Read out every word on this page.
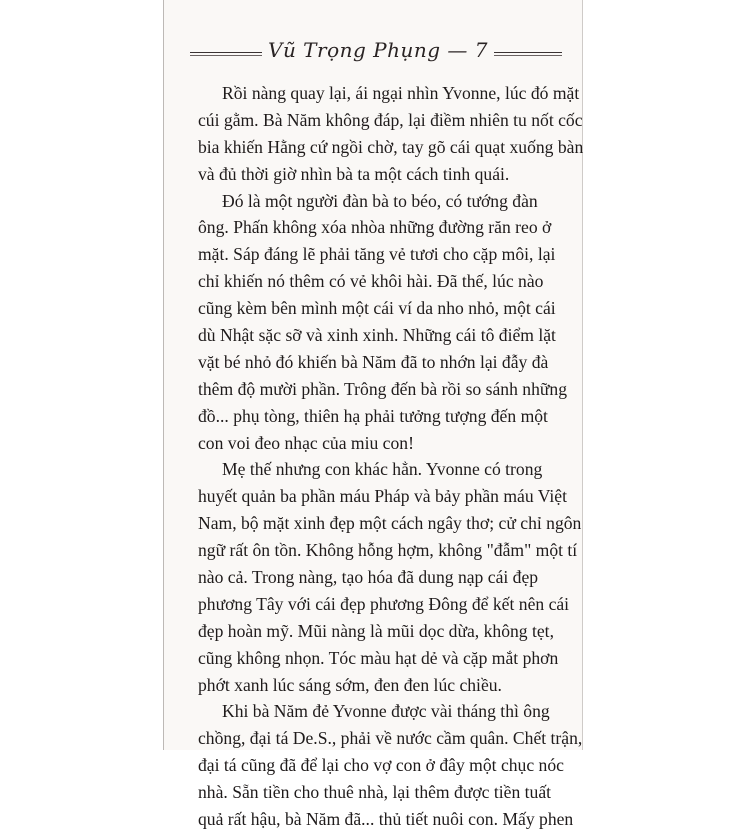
Vũ Trọng Phụng — 7
Rồi nàng quay lại, ái ngại nhìn Yvonne, lúc đó mặt
cúi gằm. Bà Năm không đáp, lại điềm nhiên tu nốt cốc
bia khiến Hằng cứ ngồi chờ, tay gõ cái quạt xuống bàn
và đủ thời giờ nhìn bà ta một cách tinh quái.
Đó là một người đàn bà to béo, có tướng đàn
ông. Phấn không xóa nhòa những đường răn reo ở
mặt. Sáp đáng lẽ phải tăng vẻ tươi cho cặp môi, lại
chỉ khiến nó thêm có vẻ khôi hài. Đã thế, lúc nào
cũng kèm bên mình một cái ví da nho nhỏ, một cái
dù Nhật sặc sỡ và xinh xinh. Những cái tô điểm lặt
vặt bé nhỏ đó khiến bà Năm đã to nhớn lại đẫy đà
thêm độ mười phần. Trông đến bà rồi so sánh những
đồ... phụ tòng, thiên hạ phải tưởng tượng đến một
con voi đeo nhạc của miu con!
Mẹ thế nhưng con khác hẳn. Yvonne có trong
huyết quản ba phần máu Pháp và bảy phần máu Việt
Nam, bộ mặt xinh đẹp một cách ngây thơ; cử chỉ ngôn
ngữ rất ôn tồn. Không hỗng hợm, không "đẫm" một tí
nào cả. Trong nàng, tạo hóa đã dung nạp cái đẹp
phương Tây với cái đẹp phương Đông để kết nên cái
đẹp hoàn mỹ. Mũi nàng là mũi dọc dừa, không tẹt,
cũng không nhọn. Tóc màu hạt dẻ và cặp mắt phơn
phớt xanh lúc sáng sớm, đen đen lúc chiều.
Khi bà Năm đẻ Yvonne được vài tháng thì ông
chồng, đại tá De.S., phải về nước cầm quân. Chết trận,
đại tá cũng đã để lại cho vợ con ở đây một chục nóc
nhà. Sẵn tiền cho thuê nhà, lại thêm được tiền tuất
quả rất hậu, bà Năm đã... thủ tiết nuôi con. Mấy phen
